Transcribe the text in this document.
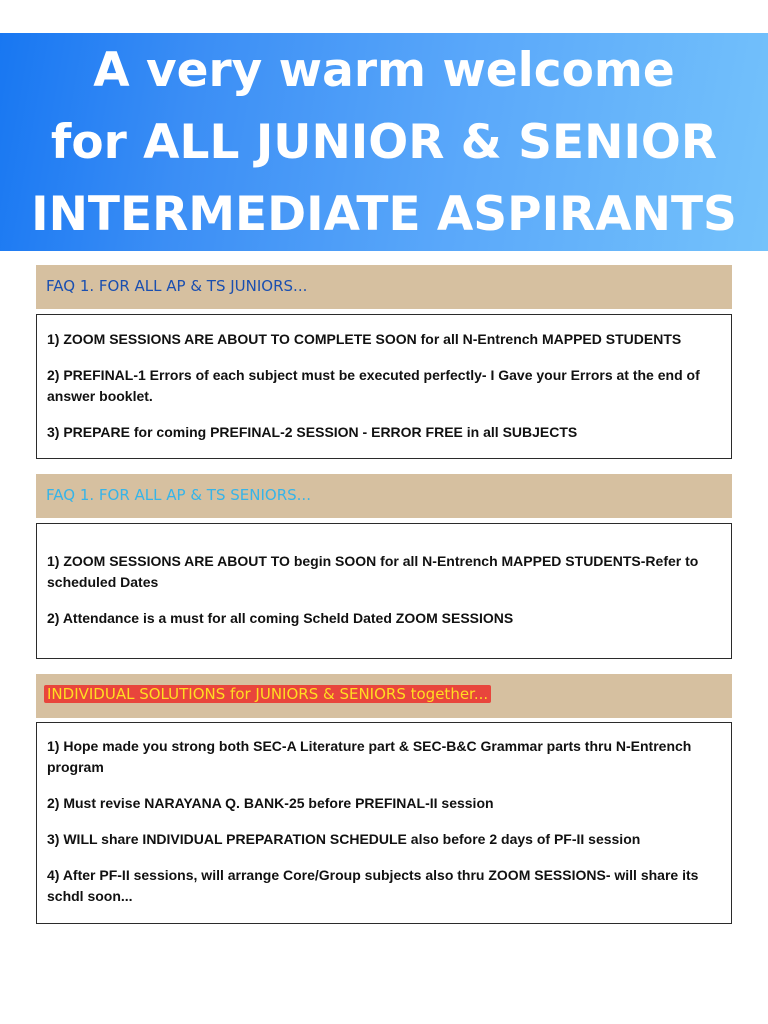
A very warm welcome
for ALL JUNIOR & SENIOR
INTERMEDIATE ASPIRANTS
FAQ 1. FOR ALL AP & TS JUNIORS...
1) ZOOM SESSIONS ARE ABOUT TO COMPLETE SOON for all N-Entrench MAPPED STUDENTS
2) PREFINAL-1 Errors of each subject must be executed perfectly- I Gave your Errors at the end of answer booklet.
3) PREPARE for coming PREFINAL-2 SESSION - ERROR FREE in all SUBJECTS
FAQ 1. FOR ALL AP & TS SENIORS...
1) ZOOM SESSIONS ARE ABOUT TO begin SOON for all N-Entrench MAPPED STUDENTS-Refer to scheduled Dates
2) Attendance is a must for all coming Scheld Dated ZOOM SESSIONS
INDIVIDUAL SOLUTIONS for JUNIORS & SENIORS together...
1) Hope made you strong both SEC-A Literature part & SEC-B&C Grammar parts thru N-Entrench program
2) Must revise NARAYANA Q. BANK-25 before PREFINAL-II session
3) WILL share INDIVIDUAL PREPARATION SCHEDULE also before 2 days of PF-II session
4) After PF-II sessions, will arrange Core/Group subjects also thru ZOOM SESSIONS- will share its schdl soon...
